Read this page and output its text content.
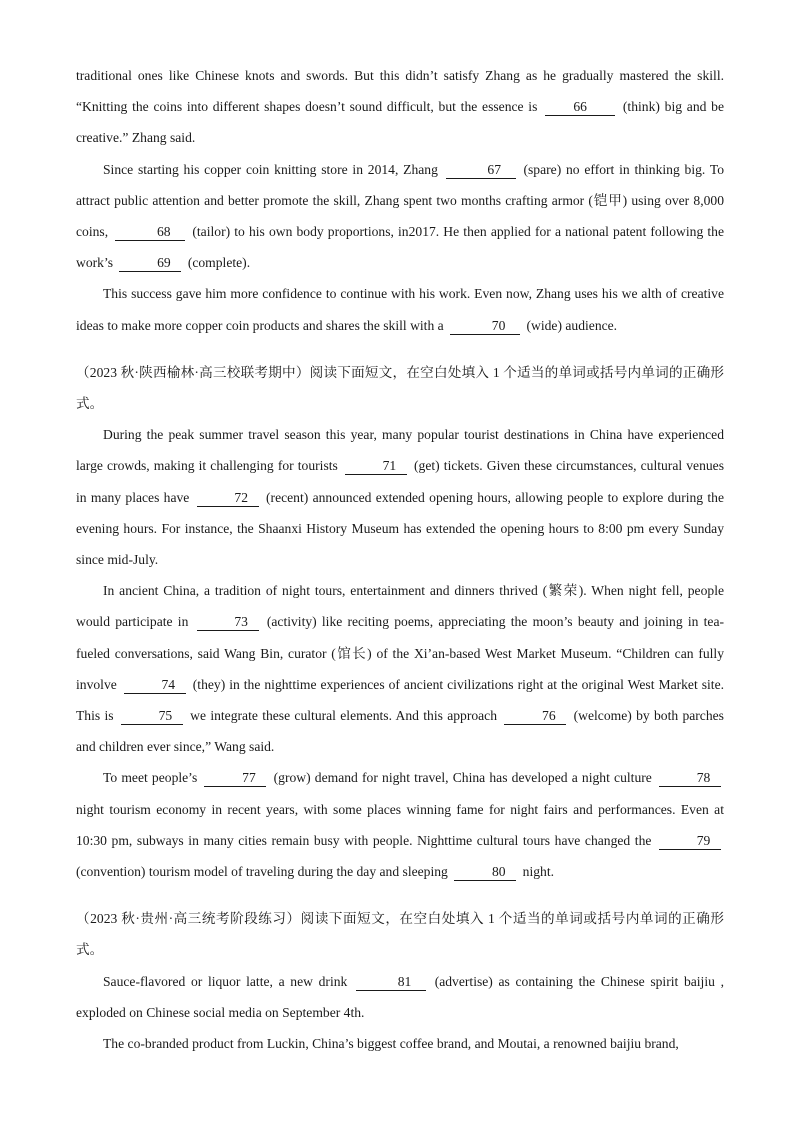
traditional ones like Chinese knots and swords. But this didn’t satisfy Zhang as he gradually mastered the skill. “Knitting the coins into different shapes doesn’t sound difficult, but the essence is	66	(think) big and be creative.” Zhang said.

Since starting his copper coin knitting store in 2014, Zhang	67 (spare) no effort in thinking big. To attract public attention and better promote the skill, Zhang spent two months crafting armor (铠甲) using over 8,000 coins,	68 (tailor) to his own body proportions, in2017. He then applied for a national patent following the work’s	69 (complete).

This success gave him more confidence to continue with his work. Even now, Zhang uses his we alth of creative ideas to make more copper coin products and shares the skill with a	70 (wide) audience.

（2023 秋·陕西榆林·高三校联考期中）阅读下面短文，在空白处填入 1 个适当的单词或括号内单词的正确形式。

During the peak summer travel season this year, many popular tourist destinations in China have experienced large crowds, making it challenging for tourists	71 (get) tickets. Given these circumstances, cultural venues in many places have	72 (recent) announced extended opening hours, allowing people to explore during the evening hours. For instance, the Shaanxi History Museum has extended the opening hours to 8:00 pm every Sunday since mid-July.

In ancient China, a tradition of night tours, entertainment and dinners thrived (繁荣). When night fell, people would participate in	73 (activity) like reciting poems, appreciating the moon’s beauty and joining in tea-fueled conversations, said Wang Bin, curator (馆长) of the Xi’an-based West Market Museum. “Children can fully involve	74 (they) in the nighttime experiences of ancient civilizations right at the original West Market site. This is	75 we integrate these cultural elements. And this approach	76 (welcome) by both parches and children ever since,” Wang said.

To meet people’s	77 (grow) demand for night travel, China has developed a night culture	78 night tourism economy in recent years, with some places winning fame for night fairs and performances. Even at 10:30 pm, subways in many cities remain busy with people. Nighttime cultural tours have changed the	79 (convention) tourism model of traveling during the day and sleeping	80 night.

（2023 秋·贵州·高三统考阶段练习）阅读下面短文，在空白处填入 1 个适当的单词或括号内单词的正确形式。

Sauce-flavored or liquor latte, a new drink	81 (advertise) as containing the Chinese spirit baijiu , exploded on Chinese social media on September 4th.

The co-branded product from Luckin, China’s biggest coffee brand, and Moutai, a renowned baijiu brand,
